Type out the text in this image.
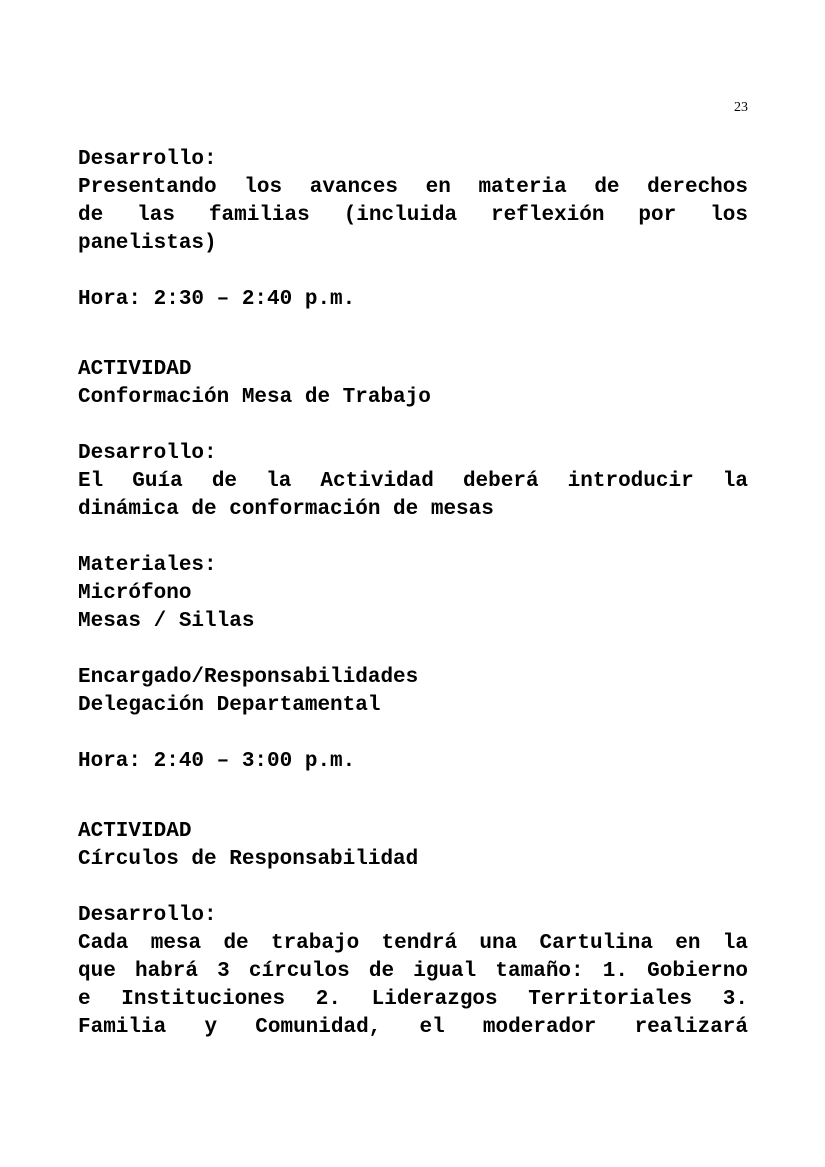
23
Desarrollo:
Presentando los avances en materia de derechos
de las familias (incluida reflexión por los
panelistas)
Hora: 2:30 – 2:40 p.m.
ACTIVIDAD
Conformación Mesa de Trabajo
Desarrollo:
El Guía de la Actividad deberá introducir la
dinámica de conformación de mesas
Materiales:
Micrófono
Mesas / Sillas
Encargado/Responsabilidades
Delegación Departamental
Hora: 2:40 – 3:00 p.m.
ACTIVIDAD
Círculos de Responsabilidad
Desarrollo:
Cada mesa de trabajo tendrá una Cartulina en la
que habrá 3 círculos de igual tamaño: 1. Gobierno
e Instituciones 2. Liderazgos Territoriales 3.
Familia y Comunidad, el moderador realizará
